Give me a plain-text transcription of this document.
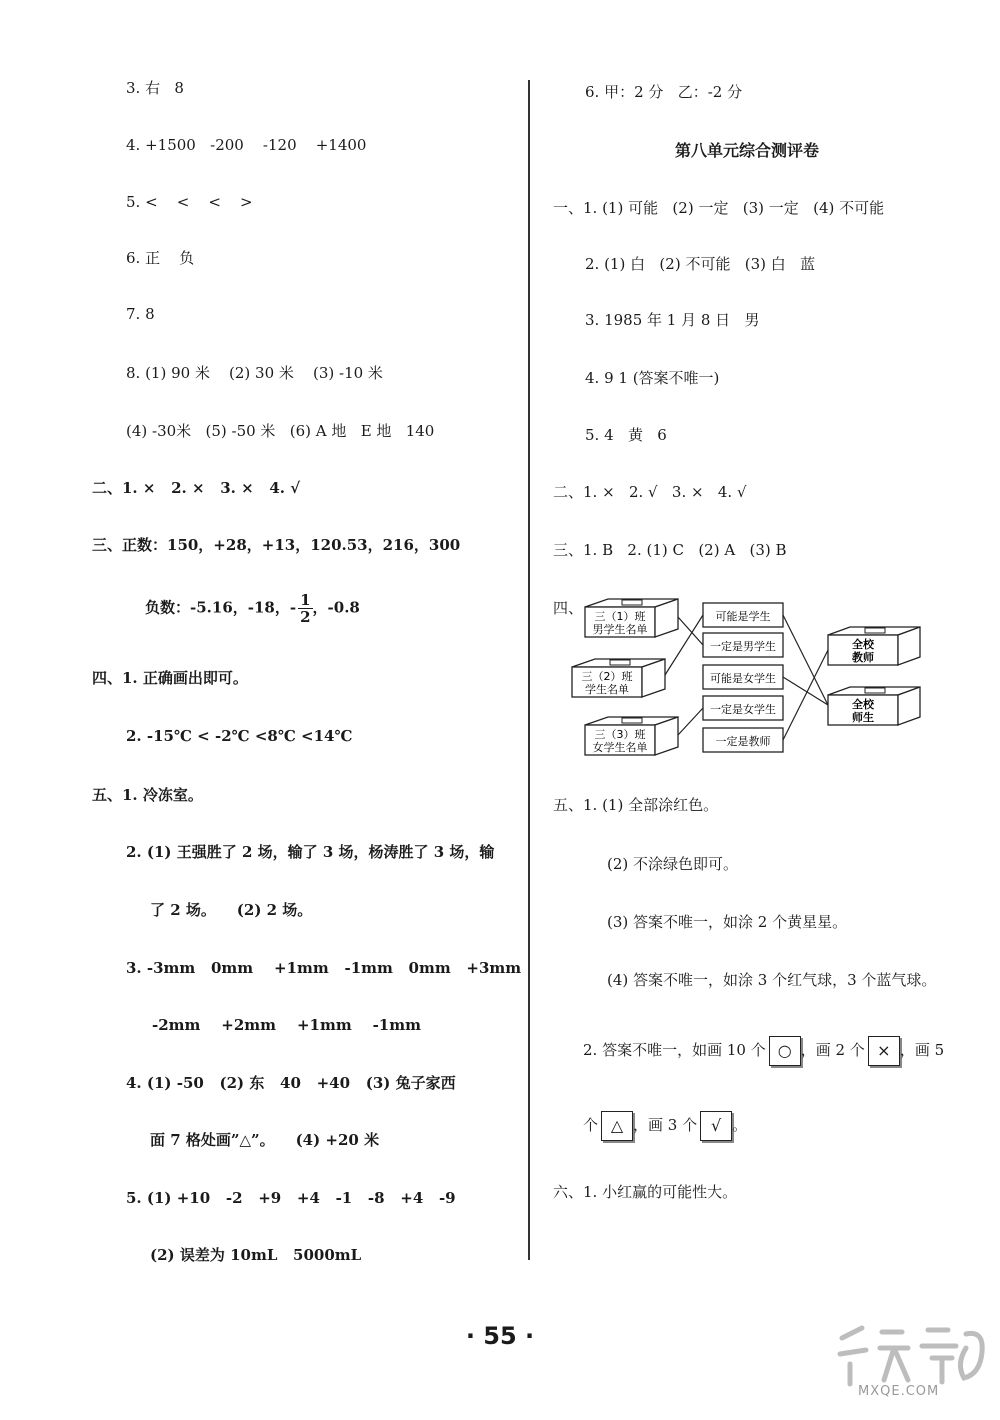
3. 右 8
4. +1500 -200 -120 +1400
5. < < < >
6. 正 负
7. 8
8. (1) 90 米 (2) 30 米 (3) -10 米
(4) -30米 (5) -50 米 (6) A 地 E 地 140
二、1. × 2. × 3. × 4. √
三、正数：150，+28，+13，120.53，216，300
负数：-5.16，-18，- $\frac{1}{2}$ ，-0.8
四、1. 正确画出即可。
2. -15℃ < -2℃ <8℃ <14℃
五、1. 冷冻室。
2. (1) 王强胜了 2 场，输了 3 场，杨涛胜了 3 场，输
了 2 场。 (2) 2 场。
3. -3mm 0mm +1mm -1mm 0mm +3mm
-2mm +2mm +1mm -1mm
4. (1) -50 (2) 东 40 +40 (3) 兔子家西
面 7 格处画”△”。 (4) +20 米
5. (1) +10 -2 +9 +4 -1 -8 +4 -9
(2) 误差为 10mL 5000mL
6. 甲：2 分 乙：-2 分
第八单元综合测评卷
一、1. (1) 可能 (2) 一定 (3) 一定 (4) 不可能
2. (1) 白 (2) 不可能 (3) 白 蓝
3. 1985 年 1 月 8 日 男
4. 9 1 (答案不唯一)
5. 4 黄 6
二、1. × 2. √ 3. × 4. √
三、1. B 2. (1) C (2) A (3) B
四、 三（1）班
男学生名单
三（2）班
学生名单
三（3）班
女学生名单
可能是学生
一定是男学生
可能是女学生
一定是女学生
一定是教师
全校
教师
全校
师生
五、1. (1) 全部涂红色。
(2) 不涂绿色即可。
(3) 答案不唯一，如涂 2 个黄星星。
(4) 答案不唯一，如涂 3 个红气球，3 个蓝气球。
2. 答案不唯一，如画 10 个 ○ ，画 2 个 × ，画 5
个 △ ，画 3 个 √ 。
六、1. 小红赢的可能性大。
· 55 ·
MXQE.COM
